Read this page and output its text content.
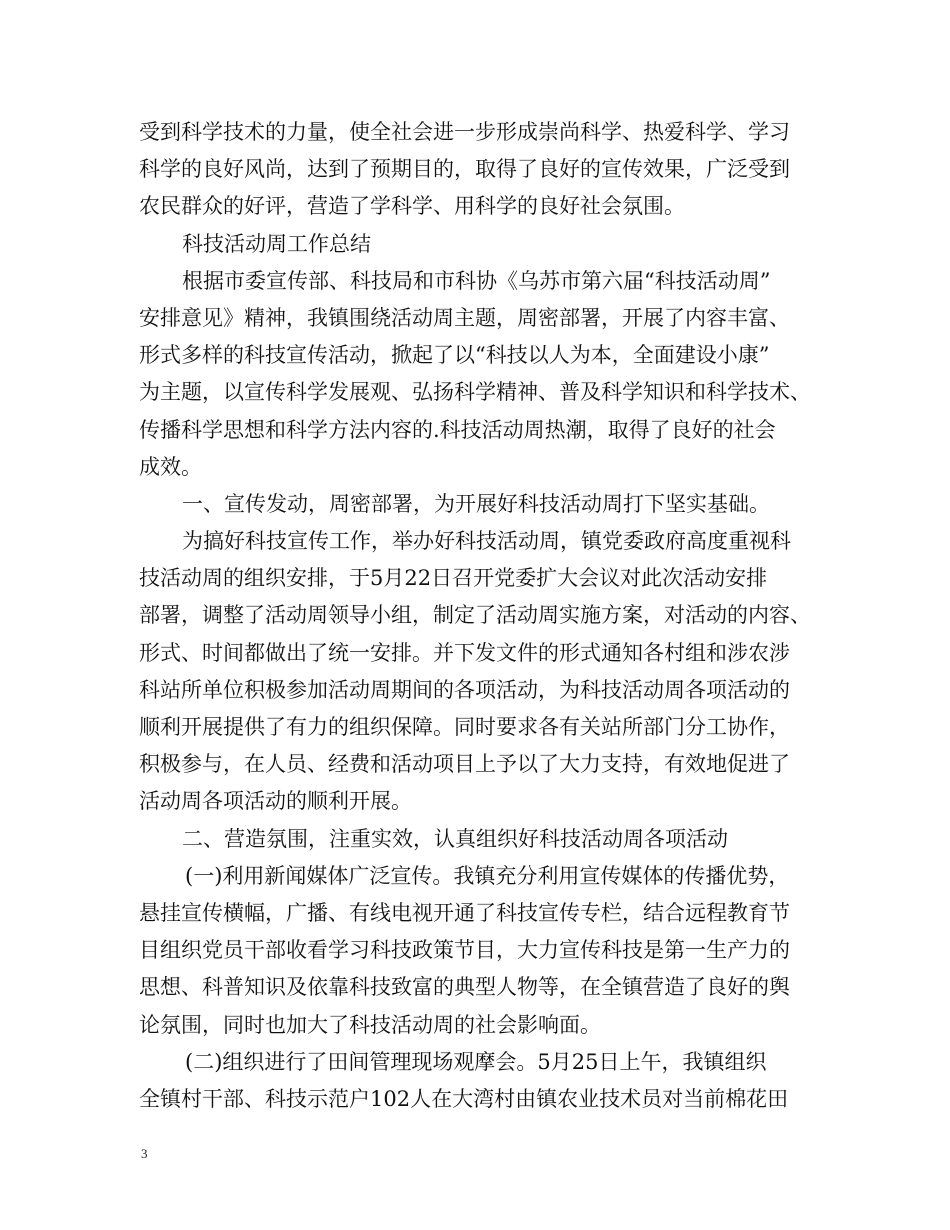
受到科学技术的力量，使全社会进一步形成崇尚科学、热爱科学、学习
科学的良好风尚，达到了预期目的，取得了良好的宣传效果，广泛受到
农民群众的好评，营造了学科学、用科学的良好社会氛围。
科技活动周工作总结
根据市委宣传部、科技局和市科协《乌苏市第六届“科技活动周”
安排意见》精神，我镇围绕活动周主题，周密部署，开展了内容丰富、
形式多样的科技宣传活动，掀起了以“科技以人为本，全面建设小康”
为主题，以宣传科学发展观、弘扬科学精神、普及科学知识和科学技术、
传播科学思想和科学方法内容的.科技活动周热潮，取得了良好的社会
成效。
一、宣传发动，周密部署，为开展好科技活动周打下坚实基础。
为搞好科技宣传工作，举办好科技活动周，镇党委政府高度重视科
技活动周的组织安排，于5月22日召开党委扩大会议对此次活动安排
部署，调整了活动周领导小组，制定了活动周实施方案，对活动的内容、
形式、时间都做出了统一安排。并下发文件的形式通知各村组和涉农涉
科站所单位积极参加活动周期间的各项活动，为科技活动周各项活动的
顺利开展提供了有力的组织保障。同时要求各有关站所部门分工协作，
积极参与，在人员、经费和活动项目上予以了大力支持，有效地促进了
活动周各项活动的顺利开展。
二、营造氛围，注重实效，认真组织好科技活动周各项活动
(一)利用新闻媒体广泛宣传。我镇充分利用宣传媒体的传播优势，
悬挂宣传横幅，广播、有线电视开通了科技宣传专栏，结合远程教育节
目组织党员干部收看学习科技政策节目，大力宣传科技是第一生产力的
思想、科普知识及依靠科技致富的典型人物等，在全镇营造了良好的舆
论氛围，同时也加大了科技活动周的社会影响面。
(二)组织进行了田间管理现场观摩会。5月25日上午，我镇组织
全镇村干部、科技示范户102人在大湾村由镇农业技术员对当前棉花田
3
